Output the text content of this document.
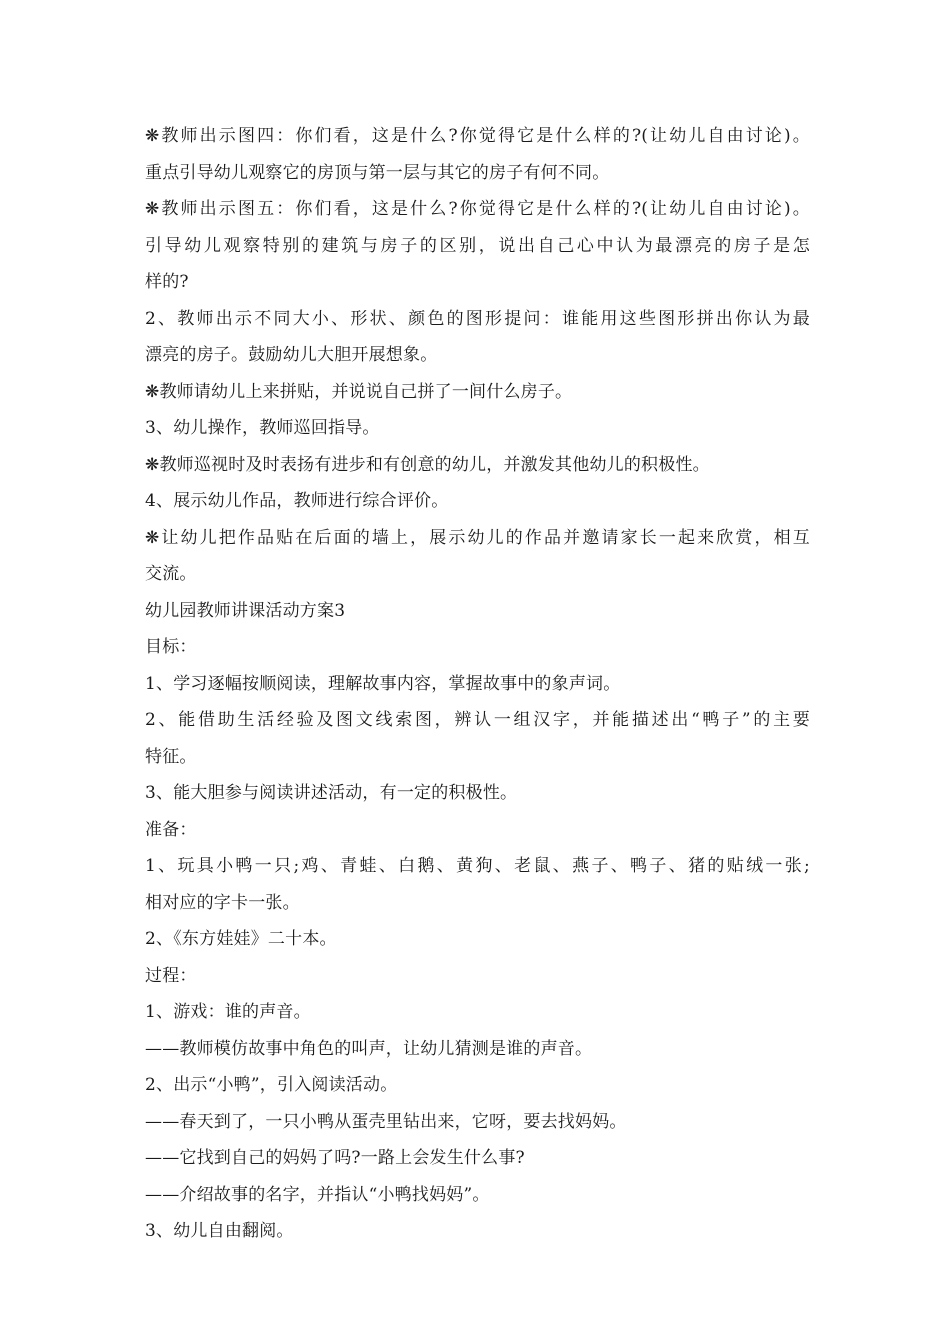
❋教师出示图四：你们看，这是什么?你觉得它是什么样的?(让幼儿自由讨论)。
重点引导幼儿观察它的房顶与第一层与其它的房子有何不同。
❋教师出示图五：你们看，这是什么?你觉得它是什么样的?(让幼儿自由讨论)。
引导幼儿观察特别的建筑与房子的区别，说出自己心中认为最漂亮的房子是怎
样的?
2、教师出示不同大小、形状、颜色的图形提问：谁能用这些图形拼出你认为最
漂亮的房子。鼓励幼儿大胆开展想象。
❋教师请幼儿上来拼贴，并说说自己拼了一间什么房子。
3、幼儿操作，教师巡回指导。
❋教师巡视时及时表扬有进步和有创意的幼儿，并激发其他幼儿的积极性。
4、展示幼儿作品，教师进行综合评价。
❋让幼儿把作品贴在后面的墙上，展示幼儿的作品并邀请家长一起来欣赏，相互
交流。
幼儿园教师讲课活动方案3
目标：
1、学习逐幅按顺阅读，理解故事内容，掌握故事中的象声词。
2、能借助生活经验及图文线索图，辨认一组汉字，并能描述出“鸭子”的主要
特征。
3、能大胆参与阅读讲述活动，有一定的积极性。
准备：
1、玩具小鸭一只;鸡、青蛙、白鹅、黄狗、老鼠、燕子、鸭子、猪的贴绒一张;
相对应的字卡一张。
2、《东方娃娃》二十本。
过程：
1、游戏：谁的声音。
——教师模仿故事中角色的叫声，让幼儿猜测是谁的声音。
2、出示“小鸭”，引入阅读活动。
——春天到了，一只小鸭从蛋壳里钻出来，它呀，要去找妈妈。
——它找到自己的妈妈了吗?一路上会发生什么事?
——介绍故事的名字，并指认“小鸭找妈妈”。
3、幼儿自由翻阅。
